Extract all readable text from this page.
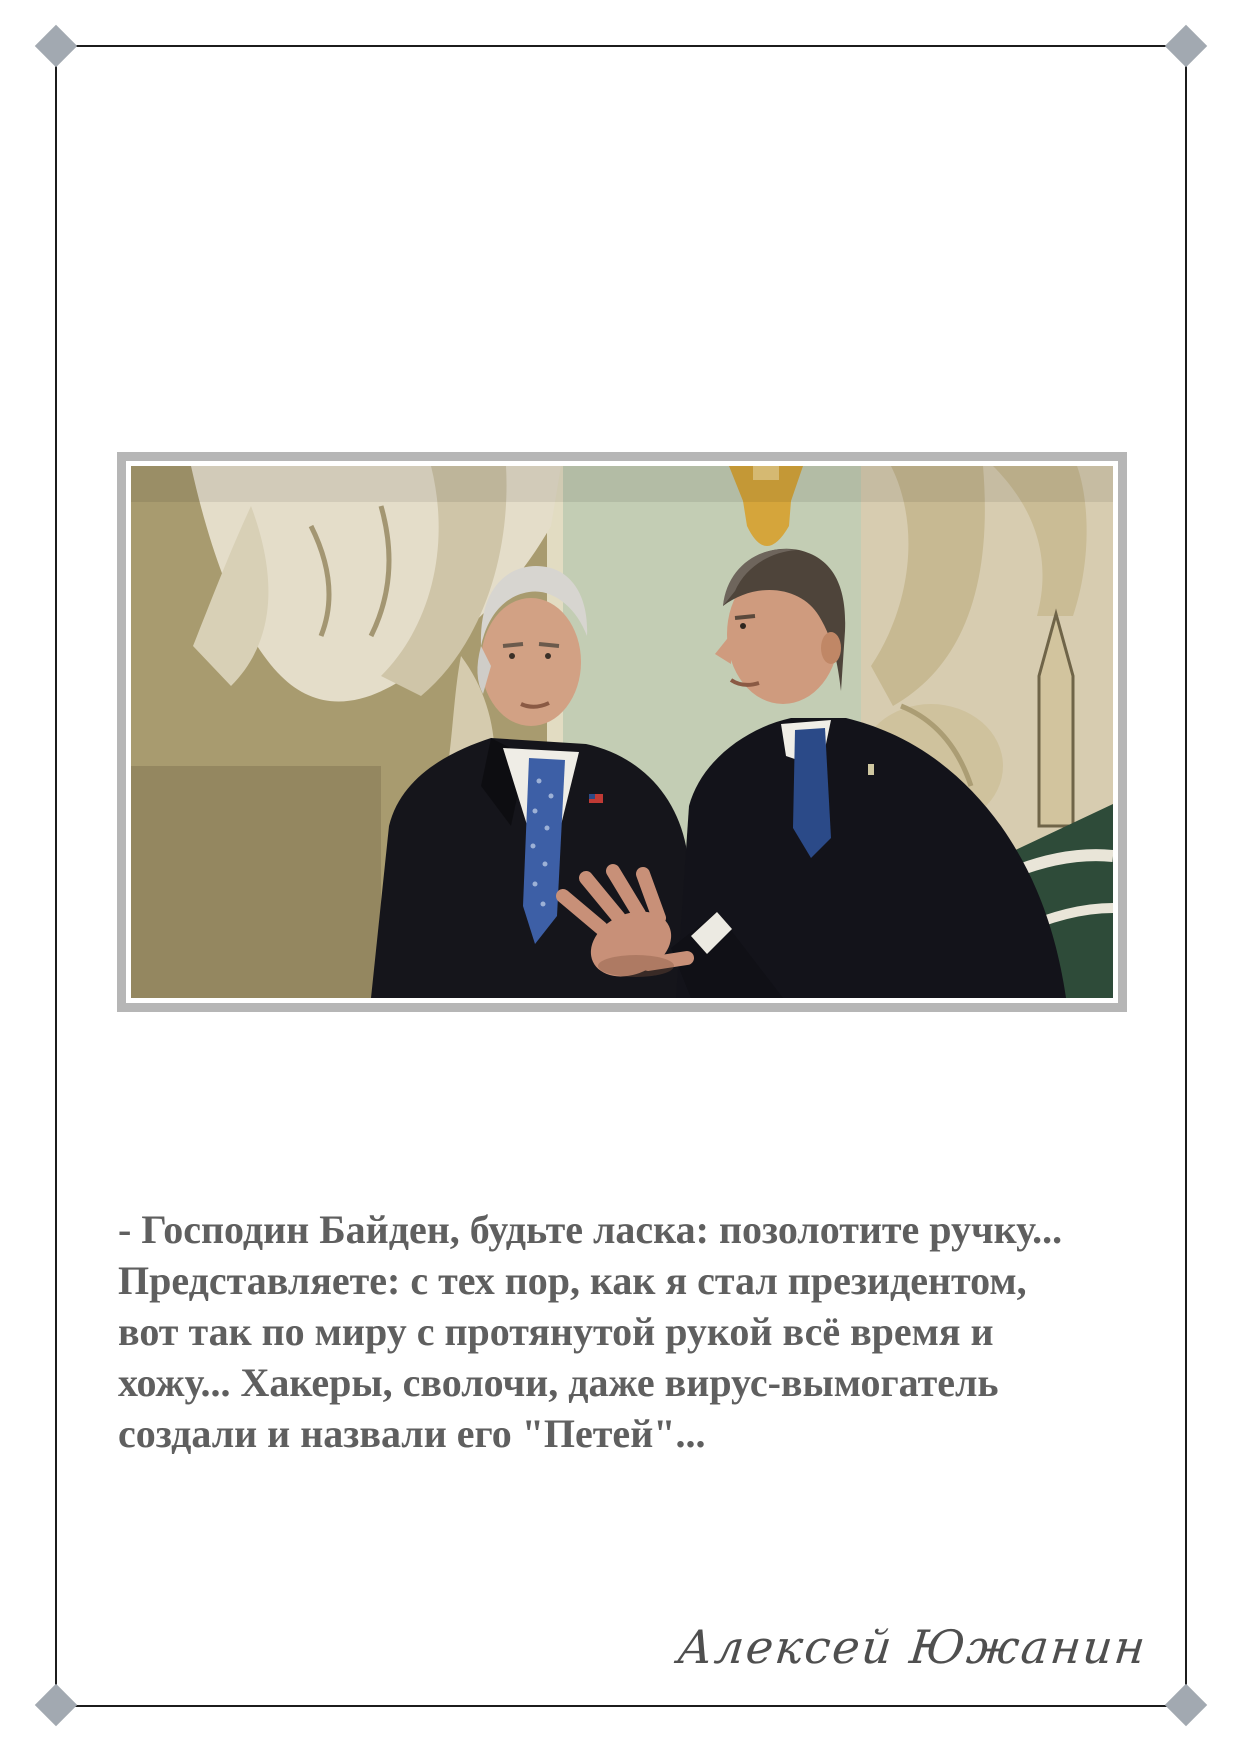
- Господин Байден, будьте ласка: позолотите ручку...
Представляете: с тех пор, как я стал президентом,
вот так по миру с протянутой рукой всё время и
хожу... Хакеры, сволочи, даже вирус-вымогатель
создали и назвали его "Петей"...
Алексей Южанин
